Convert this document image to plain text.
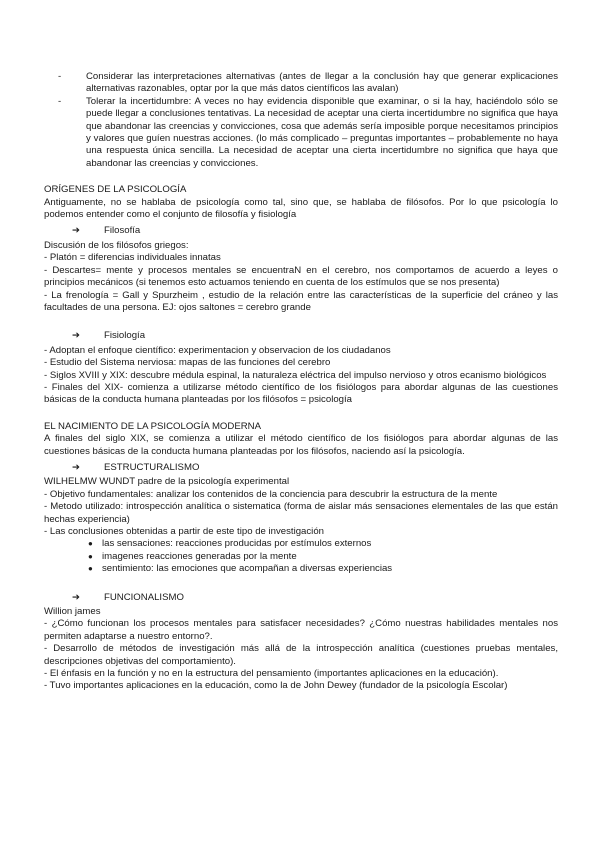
- Considerar las interpretaciones alternativas (antes de llegar a la conclusión hay que generar explicaciones alternativas razonables, optar por la que más datos científicos las avalan)
- Tolerar la incertidumbre: A veces no hay evidencia disponible que examinar, o si la hay, haciéndolo sólo se puede llegar a conclusiones tentativas. La necesidad de aceptar una cierta incertidumbre no significa que haya que abandonar las creencias y convicciones, cosa que además sería imposible porque necesitamos principios y valores que guíen nuestras acciones. (lo más complicado – preguntas importantes – probablemente no haya una respuesta única sencilla. La necesidad de aceptar una cierta incertidumbre no significa que haya que abandonar las creencias y convicciones.
ORÍGENES DE LA PSICOLOGÍA
Antiguamente, no se hablaba de psicología como tal, sino que, se hablaba de filósofos. Por lo que psicología lo podemos entender como el conjunto de filosofía y fisiología
➔ Filosofía
Discusión de los filósofos griegos:
- Platón = diferencias individuales innatas
- Descartes= mente y procesos mentales se encuentraN en el cerebro, nos comportamos de acuerdo a leyes o principios mecánicos (si tenemos esto actuamos teniendo en cuenta de los estímulos que se nos presenta)
- La frenología = Gall y Spurzheim , estudio de la relación entre las características de la superficie del cráneo y las facultades de una persona. EJ: ojos saltones = cerebro grande
➔ Fisiología
- Adoptan el enfoque científico: experimentacion y observacion de los ciudadanos
- Estudio del Sistema nerviosa: mapas de las funciones del cerebro
- Siglos XVIII y XIX: descubre médula espinal, la naturaleza eléctrica del impulso nervioso y otros ecanismo biológicos
- Finales del XIX- comienza a utilizarse método científico de los fisiólogos para abordar algunas de las cuestiones básicas de la conducta humana planteadas por los filósofos = psicología
EL NACIMIENTO DE LA PSICOLOGÍA MODERNA
A finales del siglo XIX, se comienza a utilizar el método científico de los fisiólogos para abordar algunas de las cuestiones básicas de la conducta humana planteadas por los filósofos, naciendo así la psicología.
➔ ESTRUCTURALISMO
WILHELMW WUNDT padre de la psicología experimental
- Objetivo fundamentales: analizar los contenidos de la conciencia para descubrir la estructura de la mente
- Metodo utilizado: introspección analítica o sistematica (forma de aislar más sensaciones elementales de las que están hechas experiencia)
- Las conclusiones obtenidas a partir de este tipo de investigación
● las sensaciones: reacciones producidas por estímulos externos
● imagenes reacciones generadas por la mente
● sentimiento: las emociones que acompañan a diversas experiencias
➔ FUNCIONALISMO
Willion james
- ¿Cómo funcionan los procesos mentales para satisfacer necesidades? ¿Cómo nuestras habilidades mentales nos permiten adaptarse a nuestro entorno?.
- Desarrollo de métodos de investigación más allá de la introspección analítica (cuestiones pruebas mentales, descripciones objetivas del comportamiento).
- El énfasis en la función y no en la estructura del pensamiento (importantes aplicaciones en la educación).
- Tuvo importantes aplicaciones en la educación, como la de John Dewey (fundador de la psicología Escolar)
